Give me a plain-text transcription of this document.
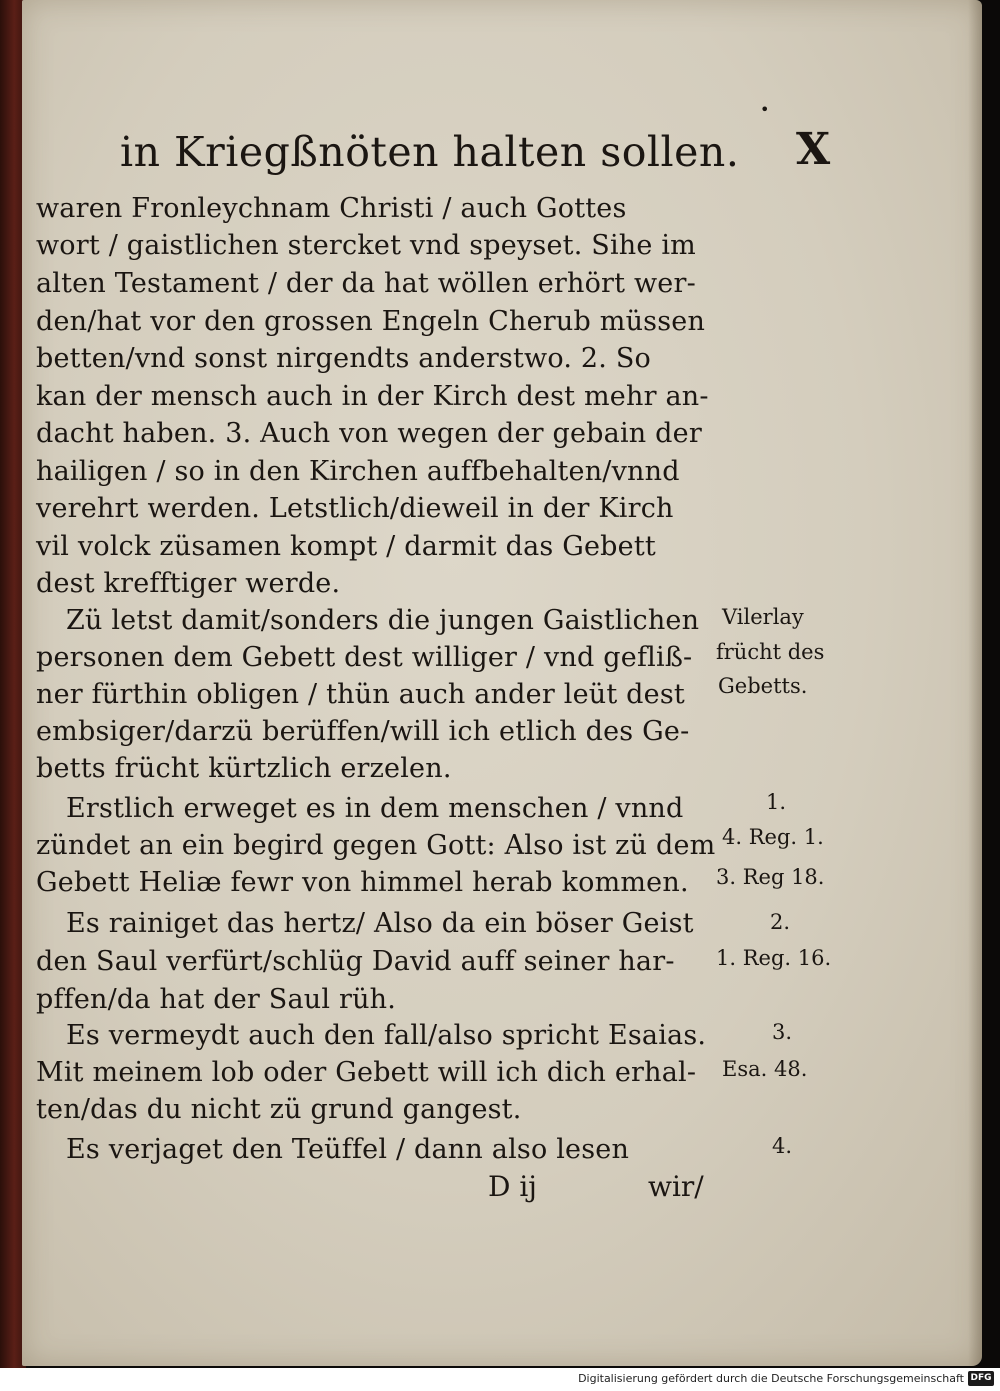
•
in Kriegßnöten halten sollen. X
waren Fronleychnam Christi / auch Gottes
wort / gaistlichen stercket vnd speyset. Sihe im
alten Testament / der da hat wöllen erhört wer-
den/hat vor den grossen Engeln Cherub müssen
betten/vnd sonst nirgendts anderstwo. 2. So
kan der mensch auch in der Kirch dest mehr an-
dacht haben. 3. Auch von wegen der gebain der
hailigen / so in den Kirchen auffbehalten/vnnd
verehrt werden. Letstlich/dieweil in der Kirch
vil volck züsamen kompt / darmit das Gebett
dest krefftiger werde.
Zü letst damit/sonders die jungen Gaistlichen
personen dem Gebett dest williger / vnd gefliß-
ner fürthin obligen / thün auch ander leüt dest
embsiger/darzü berüffen/will ich etlich des Ge-
betts frücht kürtzlich erzelen.
Erstlich erweget es in dem menschen / vnnd
zündet an ein begird gegen Gott: Also ist zü dem
Gebett Heliæ fewr von himmel herab kommen.
Es rainiget das hertz/ Also da ein böser Geist
den Saul verfürt/schlüg David auff seiner har-
pffen/da hat der Saul rüh.
Es vermeydt auch den fall/also spricht Esaias.
Mit meinem lob oder Gebett will ich dich erhal-
ten/das du nicht zü grund gangest.
Es verjaget den Teüffel / dann also lesen
Vilerlay
frücht des
Gebetts.
1.
4. Reg. 1.
3. Reg 18.
2.
1. Reg. 16.
3.
Esa. 48.
4.
D ij	wir/
Digitalisierung gefördert durch die Deutsche Forschungsgemeinschaft DFG
